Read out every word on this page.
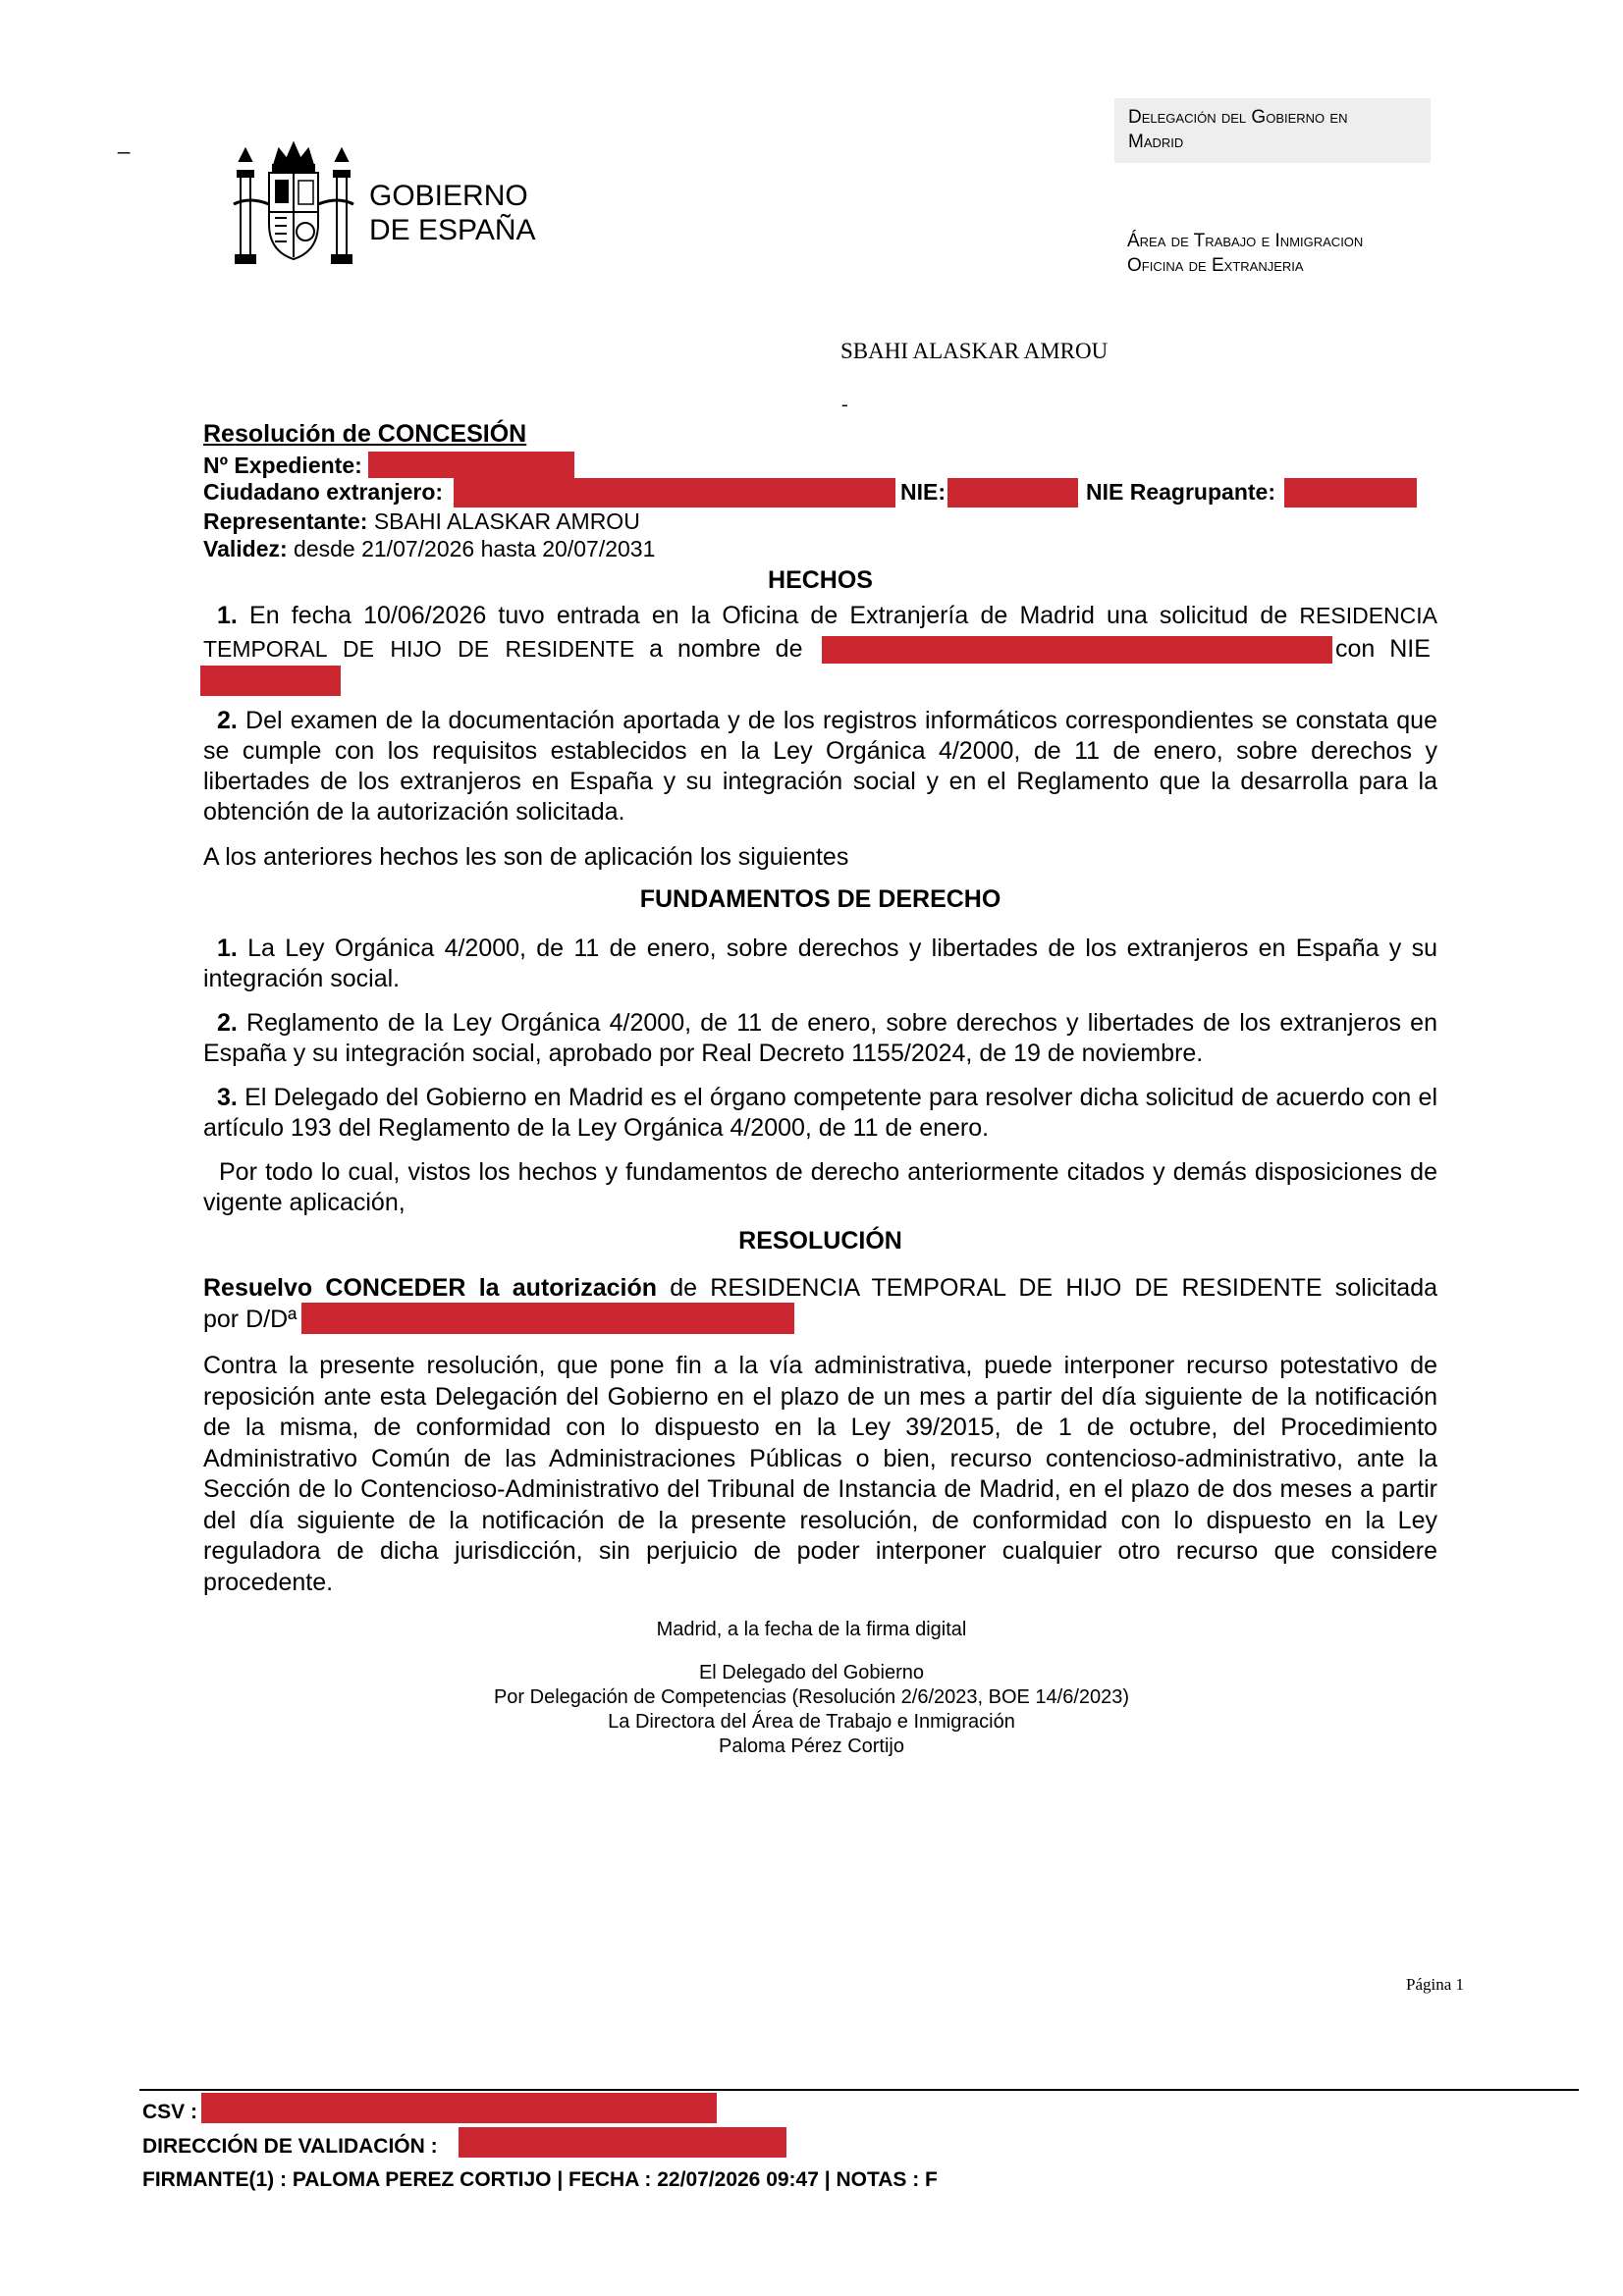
_
GOBIERNO
DE ESPAÑA
Delegación del Gobierno en
Madrid
Área de Trabajo e Inmigracion
Oficina de Extranjeria
SBAHI ALASKAR AMROU
-
Resolución de CONCESIÓN
Nº Expediente:
Ciudadano extranjero:	NIE:	NIE Reagrupante:
Representante: SBAHI ALASKAR AMROU
Validez: desde 21/07/2026 hasta 20/07/2031
HECHOS
1. En fecha 10/06/2026 tuvo entrada en la Oficina de Extranjería de Madrid una solicitud de RESIDENCIA
TEMPORAL DE HIJO DE RESIDENTE a nombre de	con NIE
2. Del examen de la documentación aportada y de los registros informáticos correspondientes se constata que se cumple con los requisitos establecidos en la Ley Orgánica 4/2000, de 11 de enero, sobre derechos y libertades de los extranjeros en España y su integración social y en el Reglamento que la desarrolla para la obtención de la autorización solicitada.
A los anteriores hechos les son de aplicación los siguientes
FUNDAMENTOS DE DERECHO
1. La Ley Orgánica 4/2000, de 11 de enero, sobre derechos y libertades de los extranjeros en España y su integración social.
2. Reglamento de la Ley Orgánica 4/2000, de 11 de enero, sobre derechos y libertades de los extranjeros en España y su integración social, aprobado por Real Decreto 1155/2024, de 19 de noviembre.
3. El Delegado del Gobierno en Madrid es el órgano competente para resolver dicha solicitud de acuerdo con el artículo 193 del Reglamento de la Ley Orgánica 4/2000, de 11 de enero.
Por todo lo cual, vistos los hechos y fundamentos de derecho anteriormente citados y demás disposiciones de vigente aplicación,
RESOLUCIÓN
Resuelvo CONCEDER la autorización de RESIDENCIA TEMPORAL DE HIJO DE RESIDENTE solicitada
por D/Dª
Contra la presente resolución, que pone fin a la vía administrativa, puede interponer recurso potestativo de reposición ante esta Delegación del Gobierno en el plazo de un mes a partir del día siguiente de la notificación de la misma, de conformidad con lo dispuesto en la Ley 39/2015, de 1 de octubre, del Procedimiento Administrativo Común de las Administraciones Públicas o bien, recurso contencioso-administrativo, ante la Sección de lo Contencioso-Administrativo del Tribunal de Instancia de Madrid, en el plazo de dos meses a partir del día siguiente de la notificación de la presente resolución, de conformidad con lo dispuesto en la Ley reguladora de dicha jurisdicción, sin perjuicio de poder interponer cualquier otro recurso que considere procedente.
Madrid, a la fecha de la firma digital
El Delegado del Gobierno
Por Delegación de Competencias (Resolución 2/6/2023, BOE 14/6/2023)
La Directora del Área de Trabajo e Inmigración
Paloma Pérez Cortijo
Página 1
CSV :
DIRECCIÓN DE VALIDACIÓN :
FIRMANTE(1) : PALOMA PEREZ CORTIJO | FECHA : 22/07/2026 09:47 | NOTAS : F
